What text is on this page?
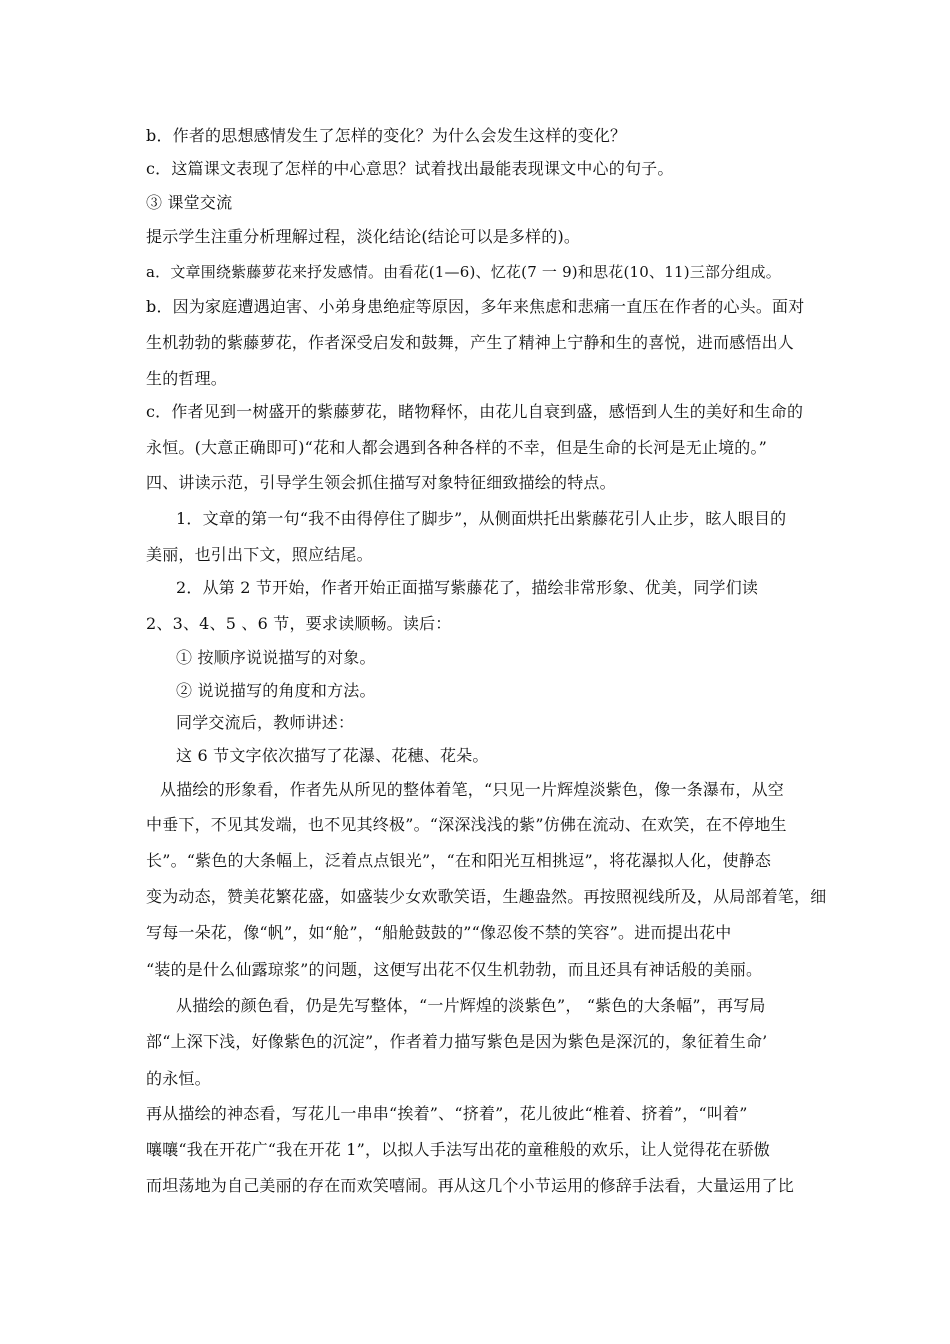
b．作者的思想感情发生了怎样的变化？为什么会发生这样的变化？
c．这篇课文表现了怎样的中心意思？试着找出最能表现课文中心的句子。
③ 课堂交流
提示学生注重分析理解过程，淡化结论(结论可以是多样的)。
a．文章围绕紫藤萝花来抒发感情。由看花(1—6)、忆花(7 一 9)和思花(10、11)三部分组成。
b．因为家庭遭遇迫害、小弟身患绝症等原因，多年来焦虑和悲痛一直压在作者的心头。面对
生机勃勃的紫藤萝花，作者深受启发和鼓舞，产生了精神上宁静和生的喜悦，进而感悟出人
生的哲理。
c．作者见到一树盛开的紫藤萝花，睹物释怀，由花儿自衰到盛，感悟到人生的美好和生命的
永恒。(大意正确即可)“花和人都会遇到各种各样的不幸，但是生命的长河是无止境的。”
四、讲读示范，引导学生领会抓住描写对象特征细致描绘的特点。
1．文章的第一句“我不由得停住了脚步”，从侧面烘托出紫藤花引人止步，眩人眼目的
美丽，也引出下文，照应结尾。
2．从第 2 节开始，作者开始正面描写紫藤花了，描绘非常形象、优美，同学们读
2、3、4、5 、6 节，要求读顺畅。读后：
① 按顺序说说描写的对象。
② 说说描写的角度和方法。
同学交流后，教师讲述：
这 6 节文字依次描写了花瀑、花穗、花朵。
从描绘的形象看，作者先从所见的整体着笔，“只见一片辉煌淡紫色，像一条瀑布，从空
中垂下，不见其发端，也不见其终极”。“深深浅浅的紫”仿佛在流动、在欢笑，在不停地生
长”。“紫色的大条幅上，泛着点点银光”，“在和阳光互相挑逗”，将花瀑拟人化，使静态
变为动态，赞美花繁花盛，如盛装少女欢歌笑语，生趣盎然。再按照视线所及，从局部着笔，细
写每一朵花，像“帆”，如“舱”，“船舱鼓鼓的”“像忍俊不禁的笑容”。进而提出花中
“装的是什么仙露琼浆”的问题，这便写出花不仅生机勃勃，而且还具有神话般的美丽。
从描绘的颜色看，仍是先写整体，“一片辉煌的淡紫色”， “紫色的大条幅”，再写局
部“上深下浅，好像紫色的沉淀”，作者着力描写紫色是因为紫色是深沉的，象征着生命’
的永恒。
再从描绘的神态看，写花儿一串串“挨着”、“挤着”，花儿彼此“椎着、挤着”，“叫着”
嚷嚷“我在开花广“我在开花 1”，以拟人手法写出花的童稚般的欢乐，让人觉得花在骄傲
而坦荡地为自己美丽的存在而欢笑嘻闹。再从这几个小节运用的修辞手法看，大量运用了比
